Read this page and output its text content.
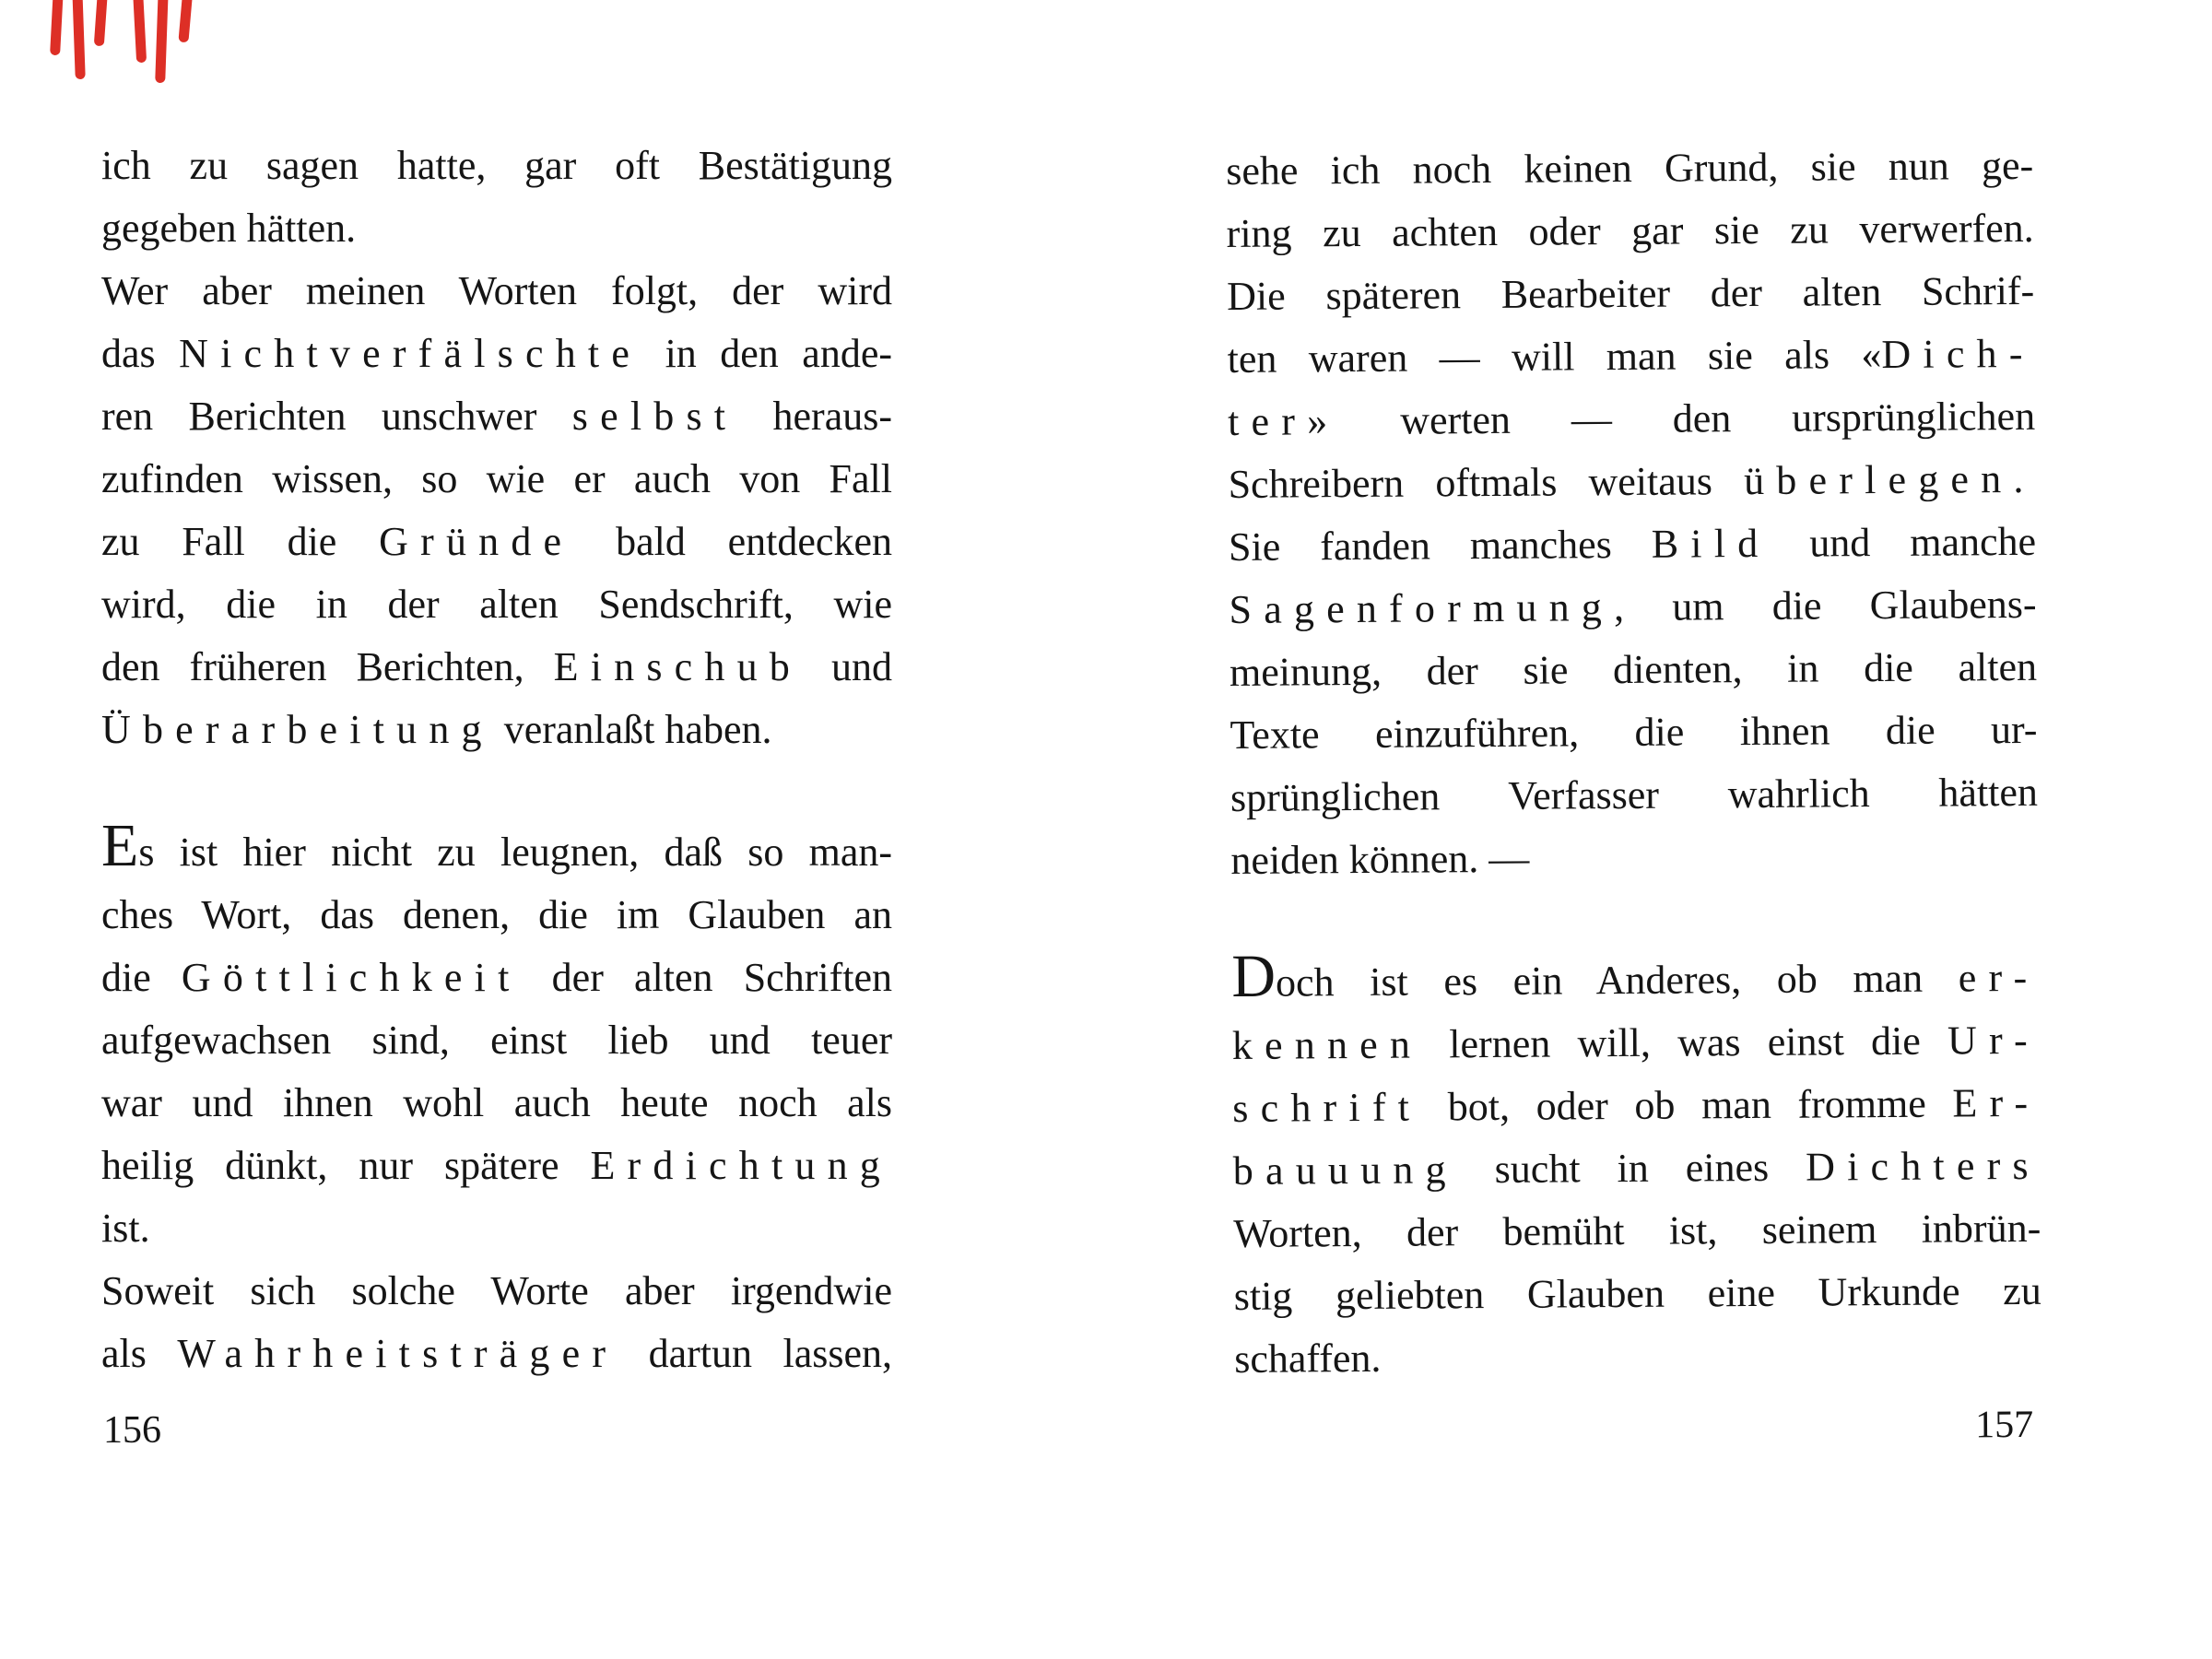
ich zu sagen hatte, gar oft Bestätigung
gegeben hätten.
Wer aber meinen Worten folgt, der wird
das Nichtverfälschte in den ande-
ren Berichten unschwer selbst heraus-
zufinden wissen, so wie er auch von Fall
zu Fall die Gründe bald entdecken
wird, die in der alten Sendschrift, wie
den früheren Berichten, Einschub und
Überarbeitung veranlaßt haben.
Es ist hier nicht zu leugnen, daß so man-
ches Wort, das denen, die im Glauben an
die Göttlichkeit der alten Schriften
aufgewachsen sind, einst lieb und teuer
war und ihnen wohl auch heute noch als
heilig dünkt, nur spätere Erdichtung
ist.
Soweit sich solche Worte aber irgendwie
als Wahrheitsträger dartun lassen,
sehe ich noch keinen Grund, sie nun ge-
ring zu achten oder gar sie zu verwerfen.
Die späteren Bearbeiter der alten Schrif-
ten waren — will man sie als «Dich-
ter» werten — den ursprünglichen
Schreibern oftmals weitaus überlegen.
Sie fanden manches Bild und manche
Sagenformung, um die Glaubens-
meinung, der sie dienten, in die alten
Texte einzuführen, die ihnen die ur-
sprünglichen Verfasser wahrlich hätten
neiden können. —
Doch ist es ein Anderes, ob man er-
kennen lernen will, was einst die Ur-
schrift bot, oder ob man fromme Er-
bauuung sucht in eines Dichters
Worten, der bemüht ist, seinem inbrün-
stig geliebten Glauben eine Urkunde zu
schaffen.
156	157
